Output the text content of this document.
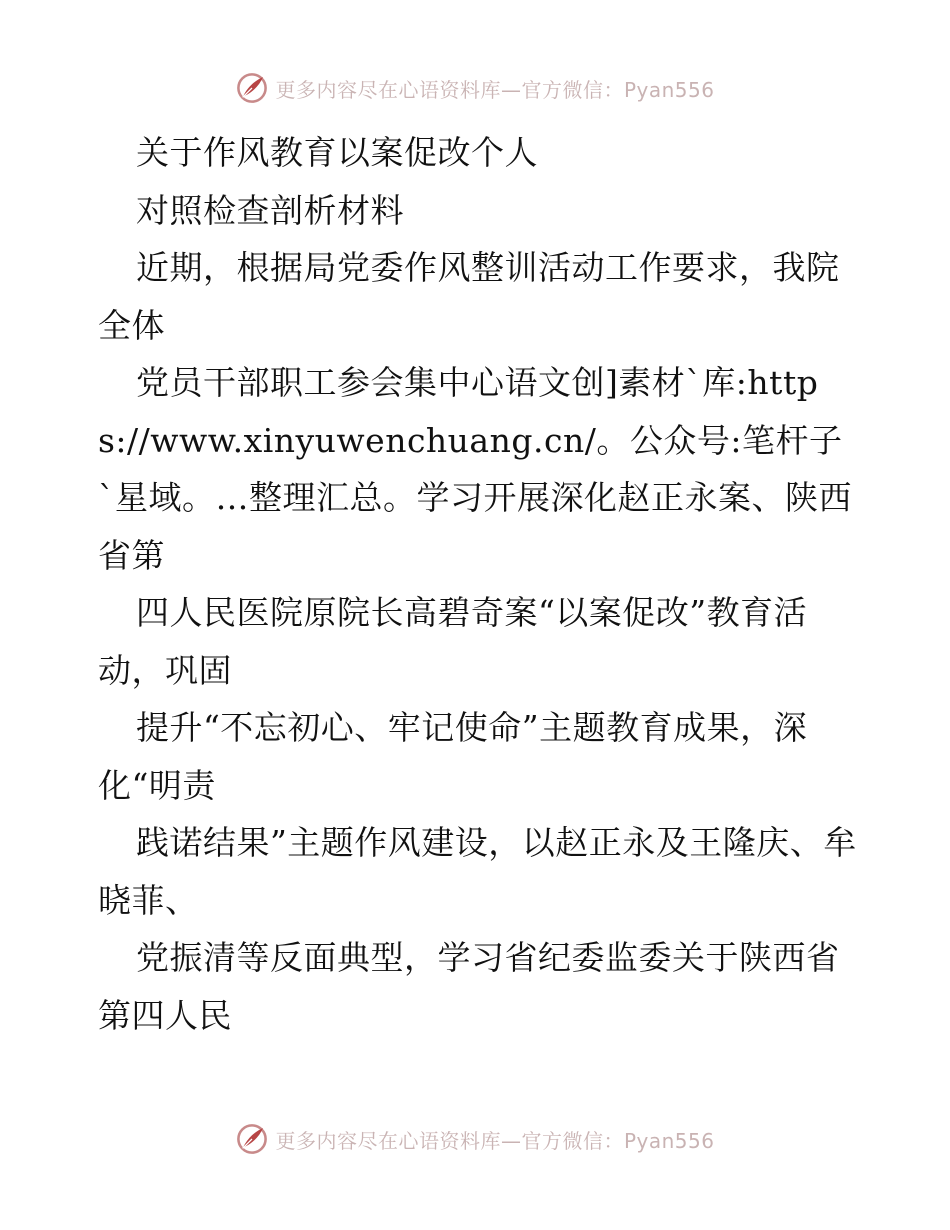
更多内容尽在心语资料库—官方微信：Pyan556

关于作风教育以案促改个人

对照检查剖析材料

近期，根据局党委作风整训活动工作要求，我院全体

党员干部职工参会集中心语文创]素材`库:https://www.xinyuwenchuang.cn/。公众号:笔杆子`星域。…整理汇总。学习开展深化赵正永案、陕西省第

四人民医院原院长高碧奇案“以案促改”教育活动，巩固

提升“不忘初心、牢记使命”主题教育成果，深化“明责

践诺结果”主题作风建设，以赵正永及王隆庆、牟晓菲、

党振清等反面典型，学习省纪委监委关于陕西省第四人民

更多内容尽在心语资料库—官方微信：Pyan556
